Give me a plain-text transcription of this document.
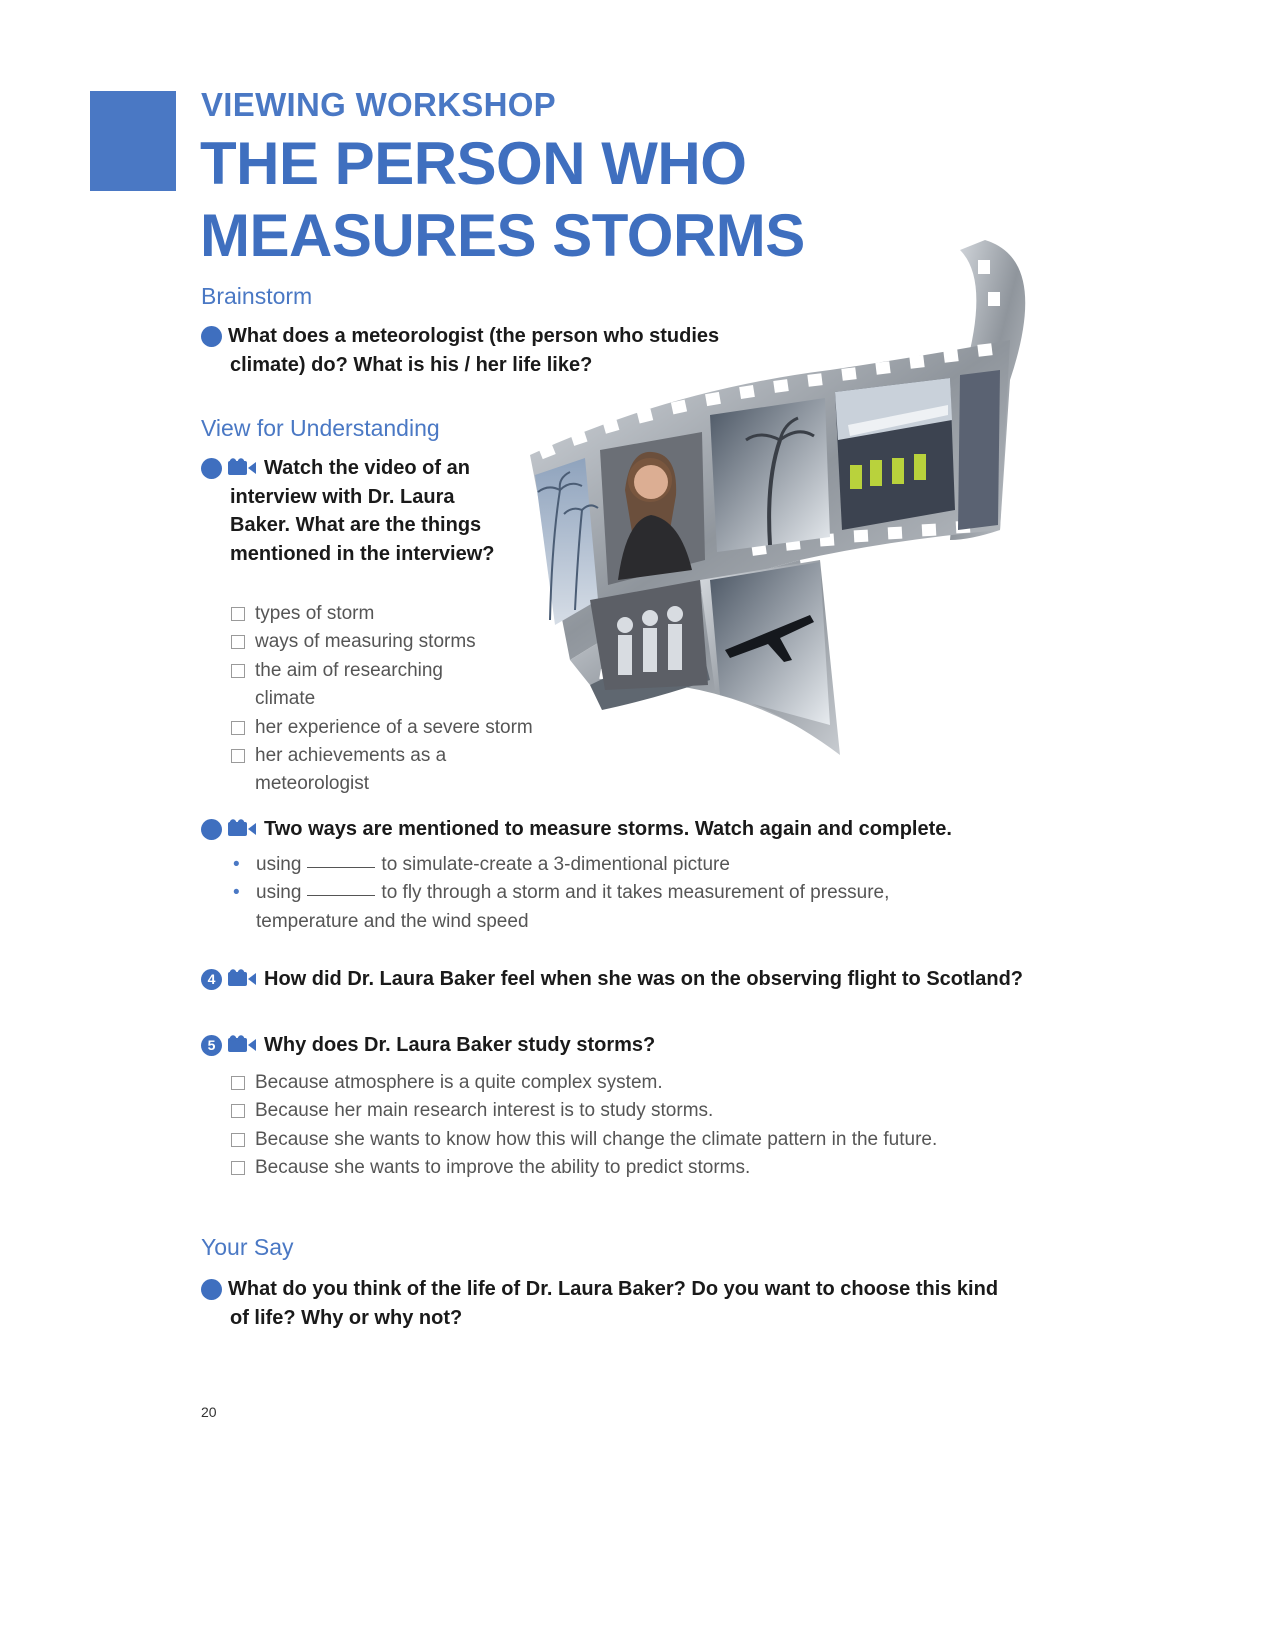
VIEWING WORKSHOP
THE PERSON WHO MEASURES STORMS
Brainstorm
1 What does a meteorologist (the person who studies climate) do? What is his / her life like?
View for Understanding
2	Watch the video of an interview with Dr. Laura Baker. What are the things mentioned in the interview?
types of storm
ways of measuring storms
the aim of researching climate
her experience of a severe storm
her achievements as a meteorologist
3	Two ways are mentioned to measure storms. Watch again and complete.
• using	to simulate-create a 3-dimentional picture
• using	to fly through a storm and it takes measurement of pressure, temperature and the wind speed
4 How did Dr. Laura Baker feel when she was on the observing flight to Scotland?
5 Why does Dr. Laura Baker study storms?
Because atmosphere is a quite complex system.
Because her main research interest is to study storms.
Because she wants to know how this will change the climate pattern in the future.
Because she wants to improve the ability to predict storms.
Your Say
6 What do you think of the life of Dr. Laura Baker? Do you want to choose this kind of life? Why or why not?
20
